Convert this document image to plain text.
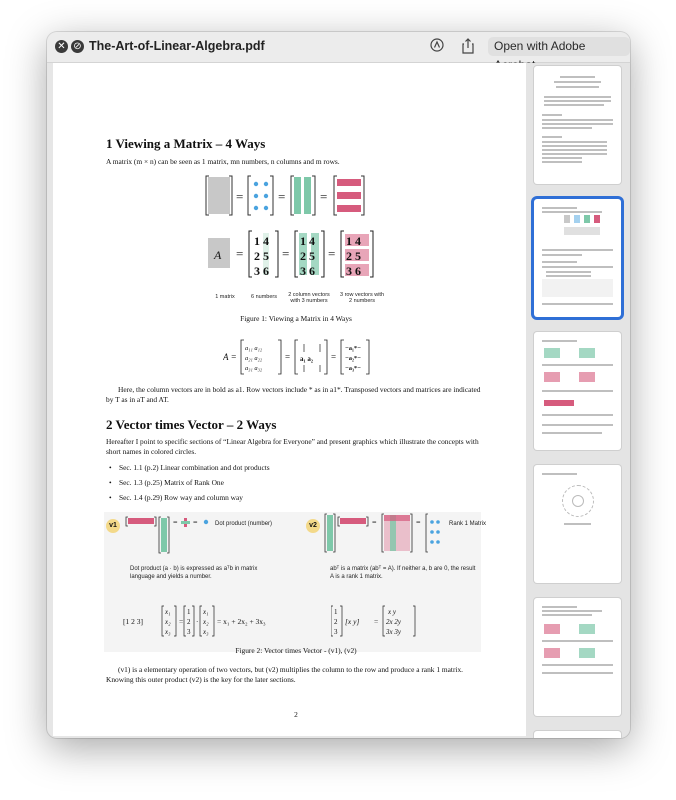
✕ ⊘ The-Art-of-Linear-Algebra.pdf	Open with Adobe
1 Viewing a Matrix – 4 Ways
A matrix (m × n) can be seen as 1 matrix, mn numbers, n columns and m rows.
=	=	=
A =
1 4
2 5
3 6
=
1 4
2 5
3 6
=
1 4
2 5
3 6
1 matrix	6 numbers	2 column vectors with 3 numbers
3 row vectors with 2 numbers
Figure 1: Viewing a Matrix in 4 Ways
A =
a₁₁ a₁₂
a₂₁ a₂₂
a₃₁ a₃₂
= a₁ a₂ =
−a₁*−
−a₂*−
−a₃*−
Here, the column vectors are in bold as a1. Row vectors include * as in a1*. Transposed vectors and matrices are indicated by T as in aT and AT.
2 Vector times Vector – 2 Ways
Hereafter I point to specific sections of “Linear Algebra for Everyone” and present graphics which illustrate the concepts with short names in colored circles.
• Sec. 1.1 (p.2) Linear combination and dot products
• Sec. 1.3 (p.25) Matrix of Rank One
• Sec. 1.4 (p.29) Row way and column way
v1	= =	Dot product (number)	v2	=	=	Rank 1 Matrix
Dot product (a · b) is expressed as aᵀb in matrix language and yields a number.
abᵀ is a matrix (abᵀ = A). If neither a, b are 0, the result A is a rank 1 matrix.
[1 2 3]
x₁
x₂
x₃
=
1
2
3
·
x₁
x₂
x₃
= x₁ + 2x₂ + 3x₃
1
2
3
[x y] =
x y
2x 2y
3x 3y
Figure 2: Vector times Vector - (v1), (v2)
(v1) is a elementary operation of two vectors, but (v2) multiplies the column to the row and produce a rank 1 matrix. Knowing this outer product (v2) is the key for the later sections.
2
